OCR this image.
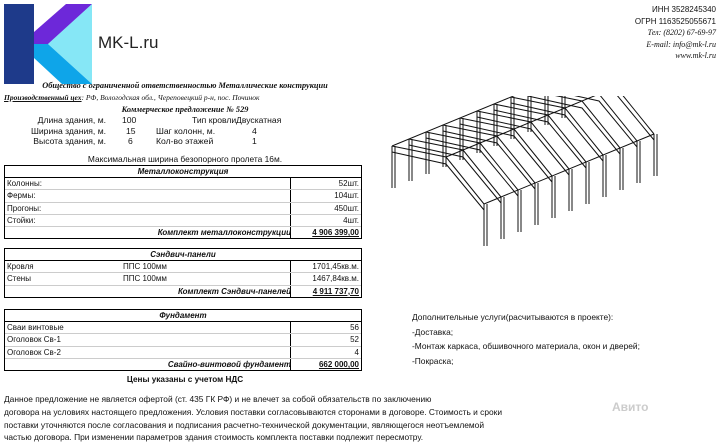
MK-L.ru
ИНН 3528245340
ОГРН 1163525055671
Тел: (8202) 67-69-97
E-mail: info@mk-l.ru
www.mk-l.ru
Общество с ограниченной ответственностью Металлические конструкции
Производственный цех: РФ, Вологодская обл., Череповецкий р-н, пос. Починок
Коммерческое предложение № 529
Длина здания, м. 100	Тип кровли Двускатная
Ширина здания, м. 15 Шаг колонн, м.	4
Высота здания, м.	6	Кол-во этажей	1
Максимальная ширина безопорного пролета 16м.
Металлоконструкция
Колонны:	52шт.
Фермы:	104шт.
Прогоны:	450шт.
Стойки:	4шт.
Комплект металлоконструкции	4 906 399,00
Сэндвич-панели
Кровля	ППС 100мм	1701,45кв.м.
Стены	ППС 100мм	1467,84кв.м.
Комплект Сэндвич-панелей	4 911 737,70
Фундамент
Сваи винтовые	56
Оголовок Св-1	52
Оголовок Св-2	4
Свайно-винтовой фундамент	662 000,00
Цены указаны с учетом НДС
Дополнительные услуги(расчитываются в проекте):
-Доставка;
-Монтаж каркаса, обшивочного материала, окон и дверей;
-Покраска;
Данное предложение не является офертой (ст. 435 ГК РФ) и не влечет за собой обязательств по заключению
договора на условиях настоящего предложения. Условия поставки согласовываются сторонами в договоре. Стоимость и сроки
поставки уточняются после согласования и подписания расчетно-технической документации, являющегося неотъемлемой
частью договора. При изменении параметров здания стоимость комплекта поставки подлежит пересмотру.
Авито
